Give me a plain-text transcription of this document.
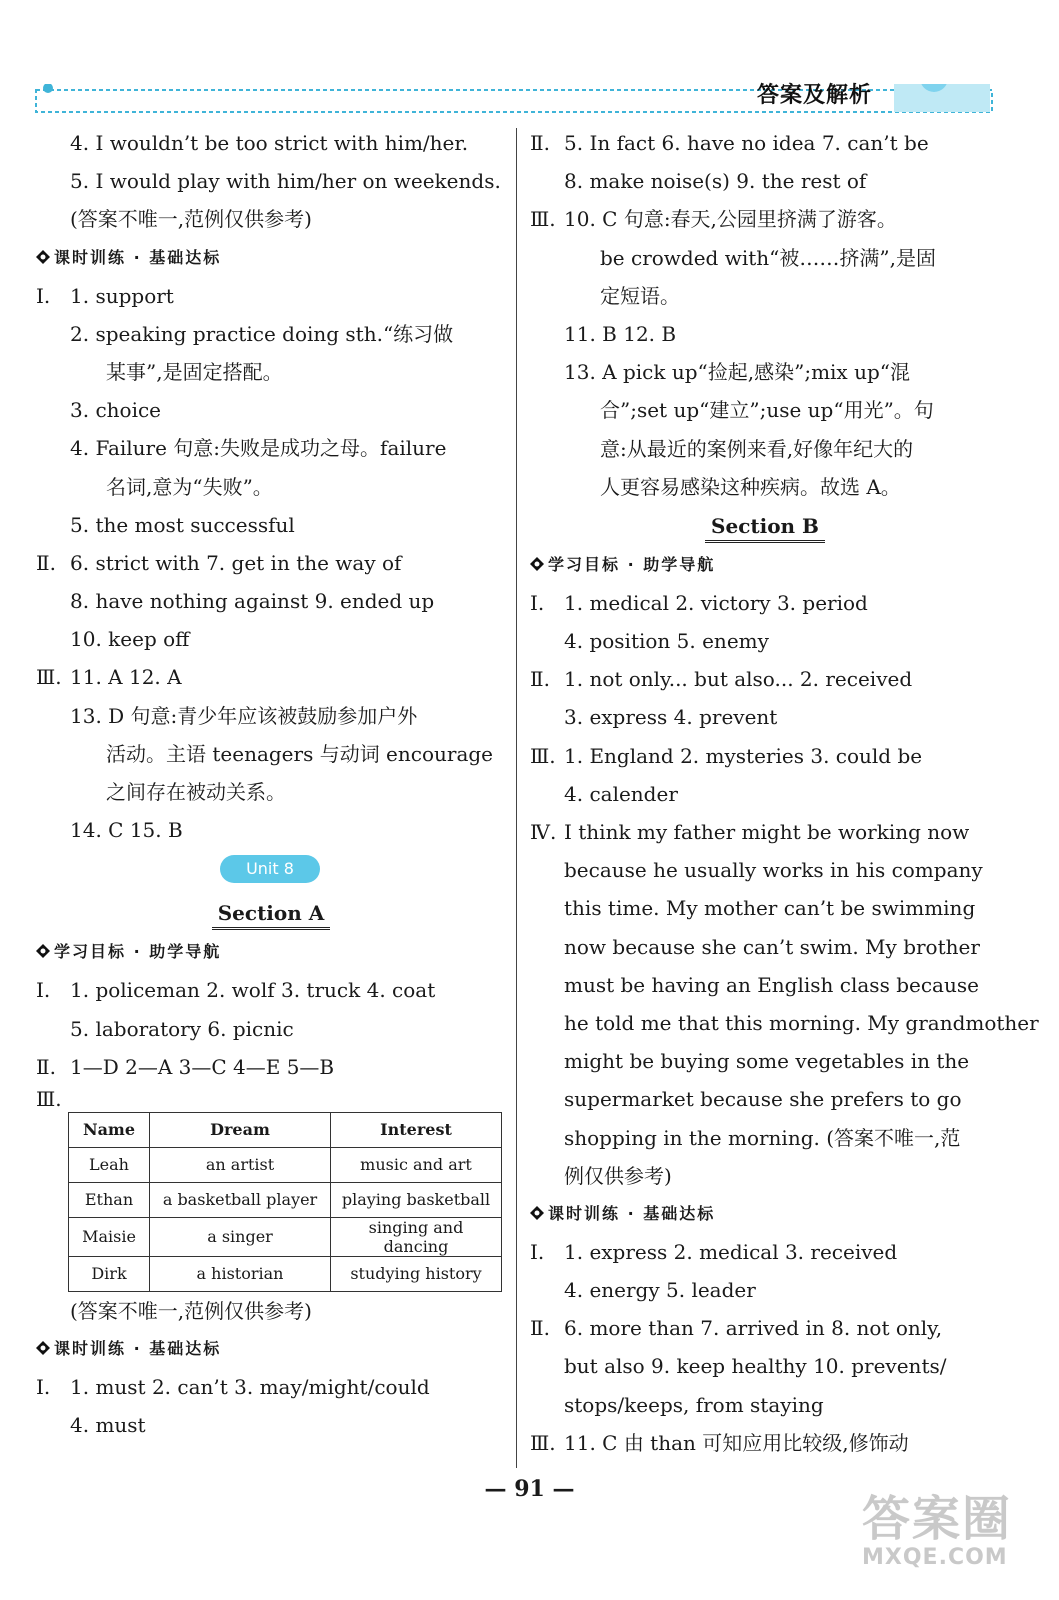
答案及解析
4. I wouldn’t be too strict with him/her.
5. I would play with him/her on weekends.
(答案不唯一,范例仅供参考)
课时训练 · 基础达标
Ⅰ. 1. support
2. speaking practice doing sth.“练习做
某事”,是固定搭配。
3. choice
4. Failure 句意:失败是成功之母。failure
名词,意为“失败”。
5. the most successful
Ⅱ. 6. strict with 7. get in the way of
8. have nothing against 9. ended up
10. keep off
Ⅲ. 11. A 12. A
13. D 句意:青少年应该被鼓励参加户外
活动。主语 teenagers 与动词 encourage
之间存在被动关系。
14. C 15. B
Unit 8
Section A
学习目标 · 助学导航
Ⅰ. 1. policeman 2. wolf 3. truck 4. coat
5. laboratory 6. picnic
Ⅱ. 1—D 2—A 3—C 4—E 5—B
Ⅲ.
Name	Dream	Interest
Leah	an artist	music and art
Ethan	a basketball player	playing basketball
Maisie	a singer	singing and dancing
Dirk	a historian	studying history
(答案不唯一,范例仅供参考)
课时训练 · 基础达标
Ⅰ. 1. must 2. can’t 3. may/might/could
4. must
Ⅱ. 5. In fact 6. have no idea 7. can’t be
8. make noise(s) 9. the rest of
Ⅲ. 10. C 句意:春天,公园里挤满了游客。
be crowded with“被……挤满”,是固
定短语。
11. B 12. B
13. A pick up“捡起,感染”;mix up“混
合”;set up“建立”;use up“用光”。句
意:从最近的案例来看,好像年纪大的
人更容易感染这种疾病。故选 A。
Section B
学习目标 · 助学导航
Ⅰ. 1. medical 2. victory 3. period
4. position 5. enemy
Ⅱ. 1. not only... but also... 2. received
3. express 4. prevent
Ⅲ. 1. England 2. mysteries 3. could be
4. calender
Ⅳ. I think my father might be working now
because he usually works in his company
this time. My mother can’t be swimming
now because she can’t swim. My brother
must be having an English class because
he told me that this morning. My grandmother
might be buying some vegetables in the
supermarket because she prefers to go
shopping in the morning. (答案不唯一,范
例仅供参考)
课时训练 · 基础达标
Ⅰ. 1. express 2. medical 3. received
4. energy 5. leader
Ⅱ. 6. more than 7. arrived in 8. not only,
but also 9. keep healthy 10. prevents/
stops/keeps, from staying
Ⅲ. 11. C 由 than 可知应用比较级,修饰动
— 91 —
答案圈
MXQE.COM
